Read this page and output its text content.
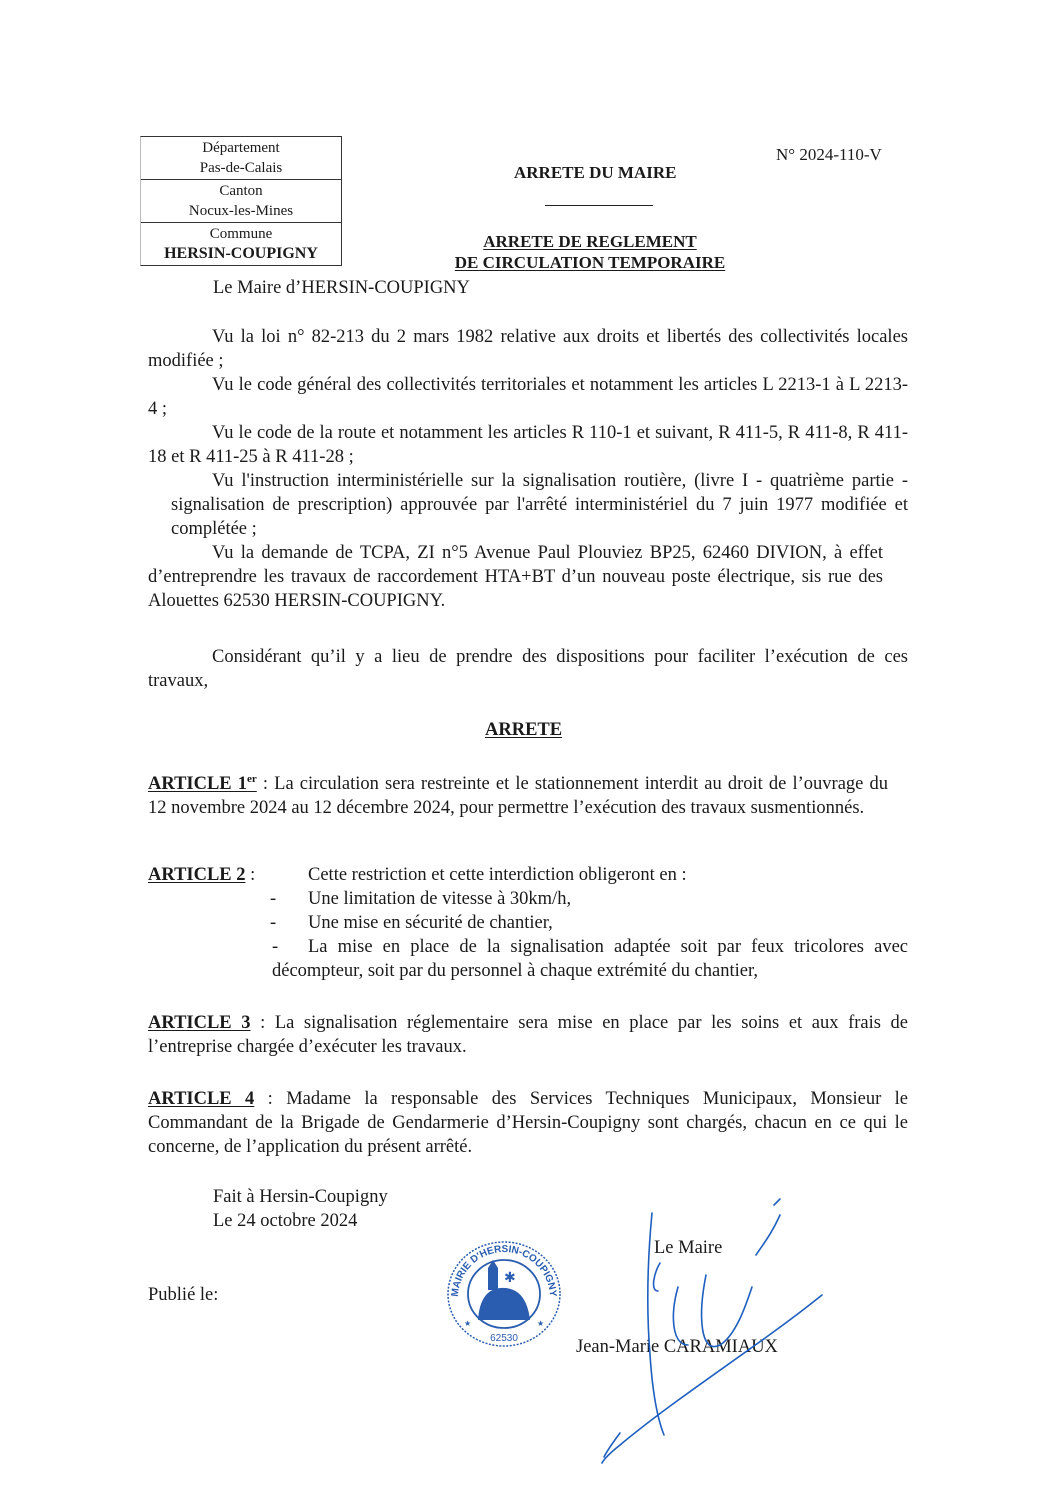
Département
Pas-de-Calais
Canton
Nocux-les-Mines
Commune
HERSIN-COUPIGNY
N° 2024-110-V
ARRETE DU MAIRE
ARRETE DE REGLEMENT
DE CIRCULATION TEMPORAIRE
Le Maire d’HERSIN-COUPIGNY
Vu la loi n° 82-213 du 2 mars 1982 relative aux droits et libertés des collectivités locales modifiée ;
Vu le code général des collectivités territoriales et notamment les articles L 2213-1 à L 2213-4 ;
Vu le code de la route et notamment les articles R 110-1 et suivant, R 411-5, R 411-8, R 411-18 et R 411-25 à R 411-28 ;
Vu l'instruction interministérielle sur la signalisation routière, (livre I - quatrième partie - signalisation de prescription) approuvée par l'arrêté interministériel du 7 juin 1977 modifiée et complétée ;
Vu la demande de TCPA, ZI n°5 Avenue Paul Plouviez BP25, 62460 DIVION, à effet d’entreprendre les travaux de raccordement HTA+BT d’un nouveau poste électrique, sis rue des Alouettes 62530 HERSIN-COUPIGNY.
Considérant qu’il y a lieu de prendre des dispositions pour faciliter l’exécution de ces travaux,
ARRETE
ARTICLE 1er : La circulation sera restreinte et le stationnement interdit au droit de l’ouvrage du 12 novembre 2024 au 12 décembre 2024, pour permettre l’exécution des travaux susmentionnés.
ARTICLE 2 :	Cette restriction et cette interdiction obligeront en :
- Une limitation de vitesse à 30km/h,
- Une mise en sécurité de chantier,
- La mise en place de la signalisation adaptée soit par feux tricolores avec décompteur, soit par du personnel à chaque extrémité du chantier,
ARTICLE 3 : La signalisation réglementaire sera mise en place par les soins et aux frais de l’entreprise chargée d’exécuter les travaux.
ARTICLE 4 : Madame la responsable des Services Techniques Municipaux, Monsieur le Commandant de la Brigade de Gendarmerie d’Hersin-Coupigny sont chargés, chacun en ce qui le concerne, de l’application du présent arrêté.
Fait à Hersin-Coupigny
Le 24 octobre 2024
Publié le:	MAIRIE D'HERSIN-COUPIGNY
62530
★	★
✱
Le Maire
Jean-Marie CARAMIAUX
